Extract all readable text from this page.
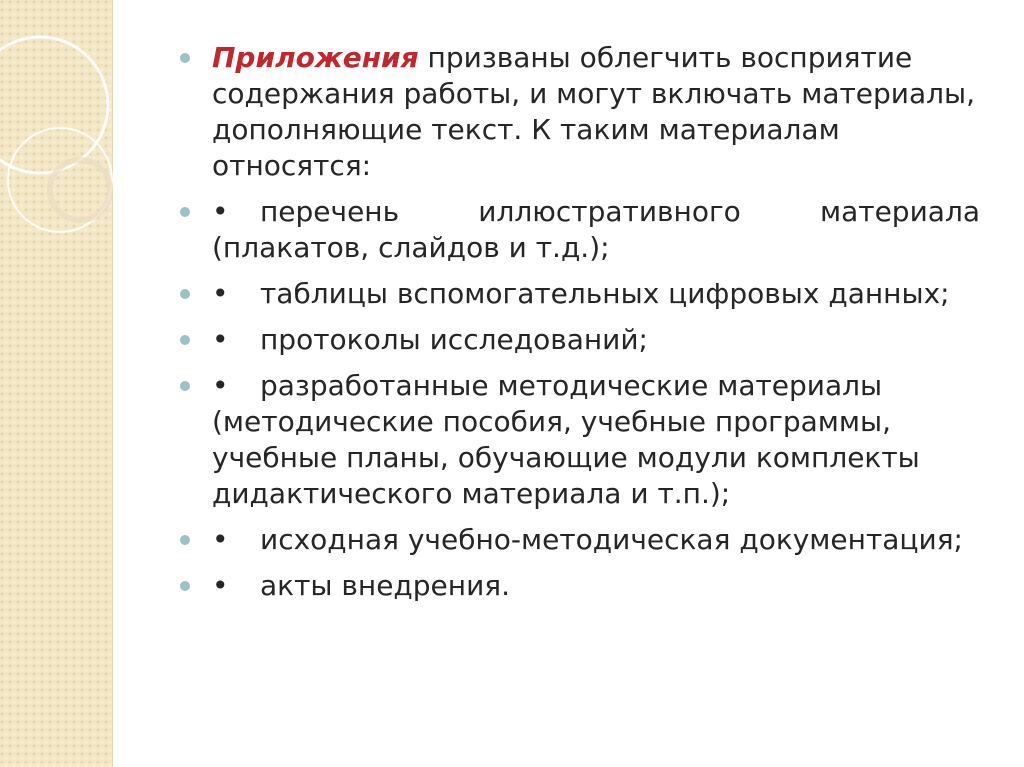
Приложения призваны облегчить восприятие содержания работы, и могут включать материалы, дополняющие текст. К таким материалам относятся:
• перечень иллюстративного материала (плакатов, слайдов и т.д.);
• таблицы вспомогательных цифровых данных;
• протоколы исследований;
• разработанные методические материалы (методические пособия, учебные программы, учебные планы, обучающие модули комплекты дидактического материала и т.п.);
• исходная учебно-методическая документация;
• акты внедрения.
